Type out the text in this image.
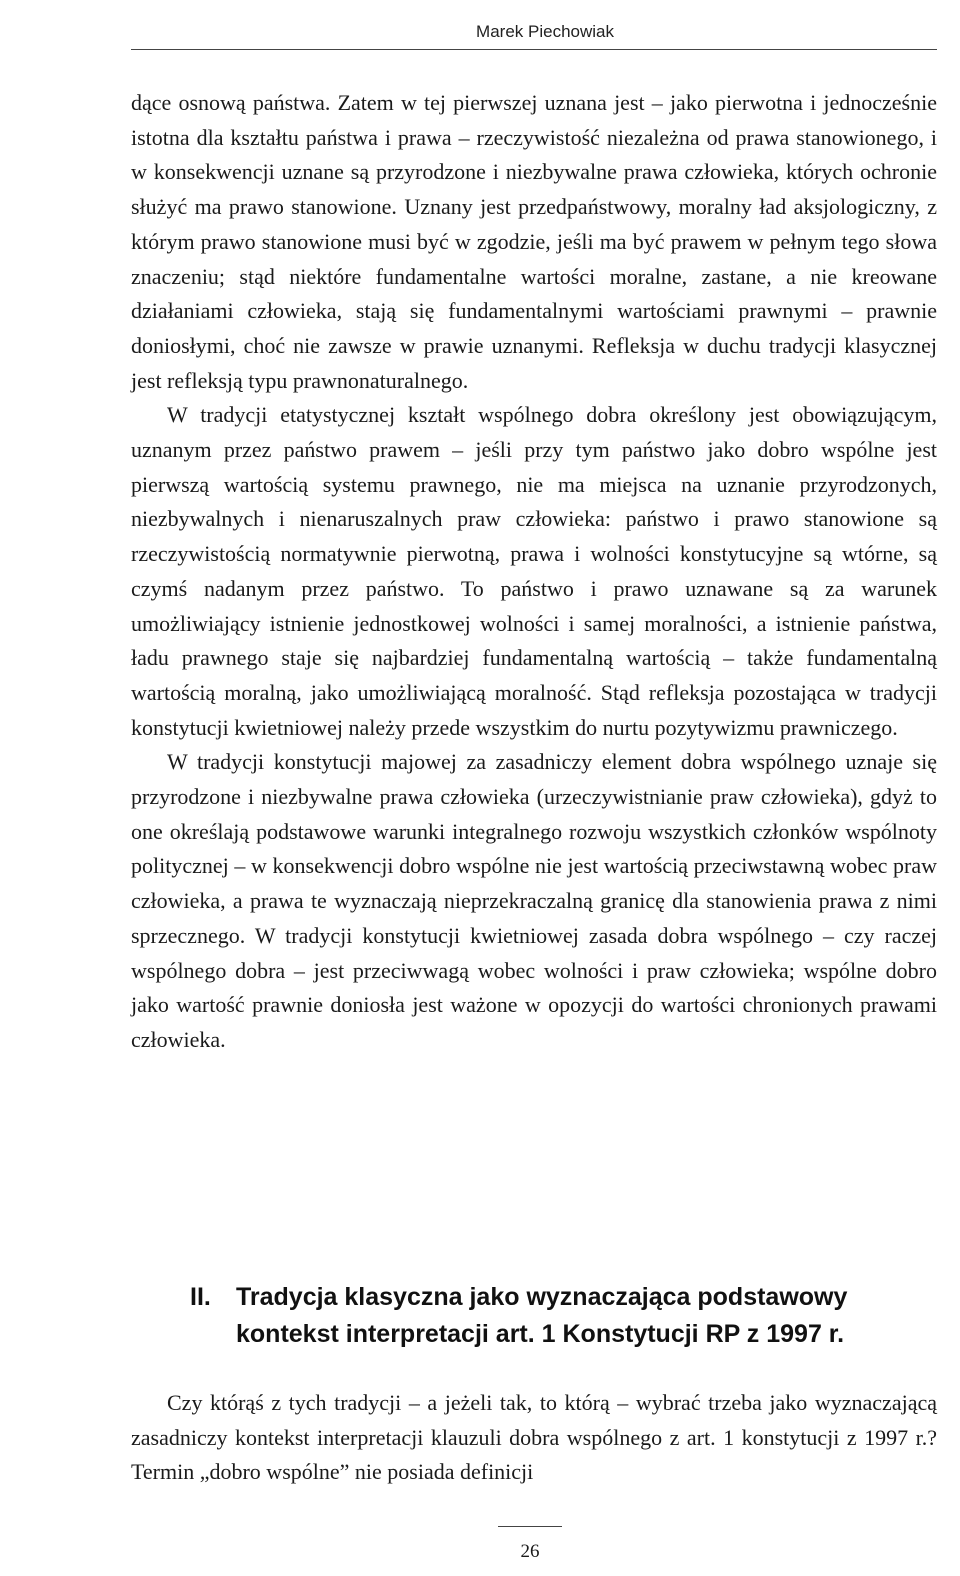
Marek Piechowiak

dące osnową państwa. Zatem w tej pierwszej uznana jest – jako pierwotna i jednocześnie istotna dla kształtu państwa i prawa – rzeczywistość niezależna od prawa stanowionego, i w konsekwencji uznane są przyrodzone i niezbywalne prawa człowieka, których ochronie służyć ma prawo stanowione. Uznany jest przedpaństwowy, moralny ład aksjologiczny, z którym prawo stanowione musi być w zgodzie, jeśli ma być prawem w pełnym tego słowa znaczeniu; stąd niektóre fundamentalne wartości moralne, zastane, a nie kreowane działaniami człowieka, stają się fundamentalnymi wartościami prawnymi – prawnie doniosłymi, choć nie zawsze w prawie uznanymi. Refleksja w duchu tradycji klasycznej jest refleksją typu prawnonaturalnego.

W tradycji etatystycznej kształt wspólnego dobra określony jest obowiązującym, uznanym przez państwo prawem – jeśli przy tym państwo jako dobro wspólne jest pierwszą wartością systemu prawnego, nie ma miejsca na uznanie przyrodzonych, niezbywalnych i nienaruszalnych praw człowieka: państwo i prawo stanowione są rzeczywistością normatywnie pierwotną, prawa i wolności konstytucyjne są wtórne, są czymś nadanym przez państwo. To państwo i prawo uznawane są za warunek umożliwiający istnienie jednostkowej wolności i samej moralności, a istnienie państwa, ładu prawnego staje się najbardziej fundamentalną wartością – także fundamentalną wartością moralną, jako umożliwiającą moralność. Stąd refleksja pozostająca w tradycji konstytucji kwietniowej należy przede wszystkim do nurtu pozytywizmu prawniczego.

W tradycji konstytucji majowej za zasadniczy element dobra wspólnego uznaje się przyrodzone i niezbywalne prawa człowieka (urzeczywistnianie praw człowieka), gdyż to one określają podstawowe warunki integralnego rozwoju wszystkich członków wspólnoty politycznej – w konsekwencji dobro wspólne nie jest wartością przeciwstawną wobec praw człowieka, a prawa te wyznaczają nieprzekraczalną granicę dla stanowienia prawa z nimi sprzecznego. W tradycji konstytucji kwietniowej zasada dobra wspólnego – czy raczej wspólnego dobra – jest przeciwwagą wobec wolności i praw człowieka; wspólne dobro jako wartość prawnie doniosła jest ważone w opozycji do wartości chronionych prawami człowieka.

II. Tradycja klasyczna jako wyznaczająca podstawowy kontekst interpretacji art. 1 Konstytucji RP z 1997 r.

Czy którąś z tych tradycji – a jeżeli tak, to którą – wybrać trzeba jako wyznaczającą zasadniczy kontekst interpretacji klauzuli dobra wspólnego z art. 1 konstytucji z 1997 r.? Termin „dobro wspólne” nie posiada definicji

26
